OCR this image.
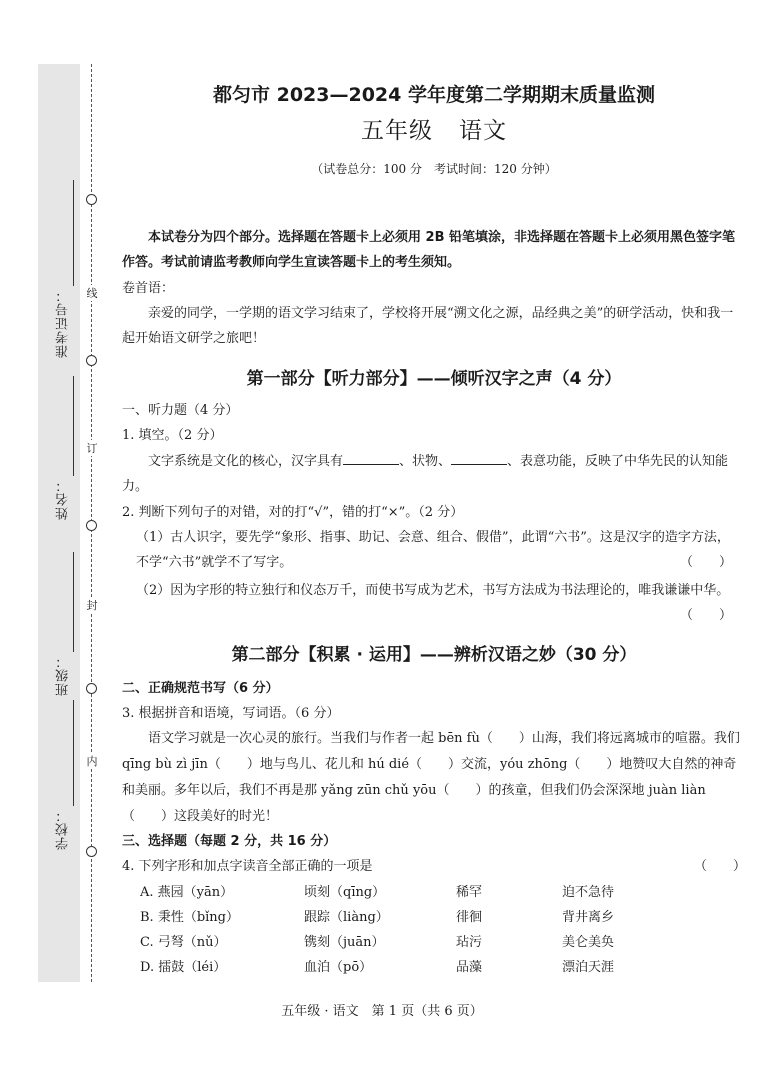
学校：
班级：
姓名：
准考证号：
内
封
订
线
都匀市 2023—2024 学年度第二学期期末质量监测
五年级 语文
（试卷总分：100 分　考试时间：120 分钟）
本试卷分为四个部分。选择题在答题卡上必须用 2B 铅笔填涂，非选择题在答题卡上必须用黑色签字笔作答。考试前请监考教师向学生宣读答题卡上的考生须知。
卷首语：
亲爱的同学，一学期的语文学习结束了，学校将开展“溯文化之源，品经典之美”的研学活动，快和我一起开始语文研学之旅吧！
第一部分【听力部分】——倾听汉字之声（4 分）
一、听力题（4 分）
1. 填空。（2 分）
文字系统是文化的核心，汉字具有	、状物、	、表意功能，反映了中华先民的认知能力。
2. 判断下列句子的对错，对的打“√”，错的打“×”。（2 分）
（1）古人识字，要先学“象形、指事、助记、会意、组合、假借”，此谓“六书”。这是汉字的造字方法，不学“六书”就学不了写字。	（　　）
（2）因为字形的特立独行和仪态万千，而使书写成为艺术，书写方法成为书法理论的，唯我谦谦中华。
（　　）
第二部分【积累 · 运用】——辨析汉语之妙（30 分）
二、正确规范书写（6 分）
3. 根据拼音和语境，写词语。（6 分）
语文学习就是一次心灵的旅行。当我们与作者一起 bēn fù（　　）山海，我们将远离城市的喧嚣。我们 qīng bù zì jīn（　　）地与鸟儿、花儿和 hú dié（　　）交流，yóu zhōng（　　）地赞叹大自然的神奇和美丽。多年以后，我们不再是那 yǎng zūn chǔ yōu（　　）的孩童，但我们仍会深深地 juàn liàn（　　）这段美好的时光！
三、选择题（每题 2 分，共 16 分）
4. 下列字形和加点字读音全部正确的一项是	（　　）
A. 燕园（yān）	顷刻（qīng）	稀罕	迫不急待
B. 秉性（bǐng）	跟踪（liàng）	徘徊	背井离乡
C. 弓弩（nǔ）	镌刻（juān）	玷污	美仑美奂
D. 擂鼓（léi）	血泊（pō）	品藻	漂泊天涯
五年级 · 语文　第 1 页（共 6 页）
